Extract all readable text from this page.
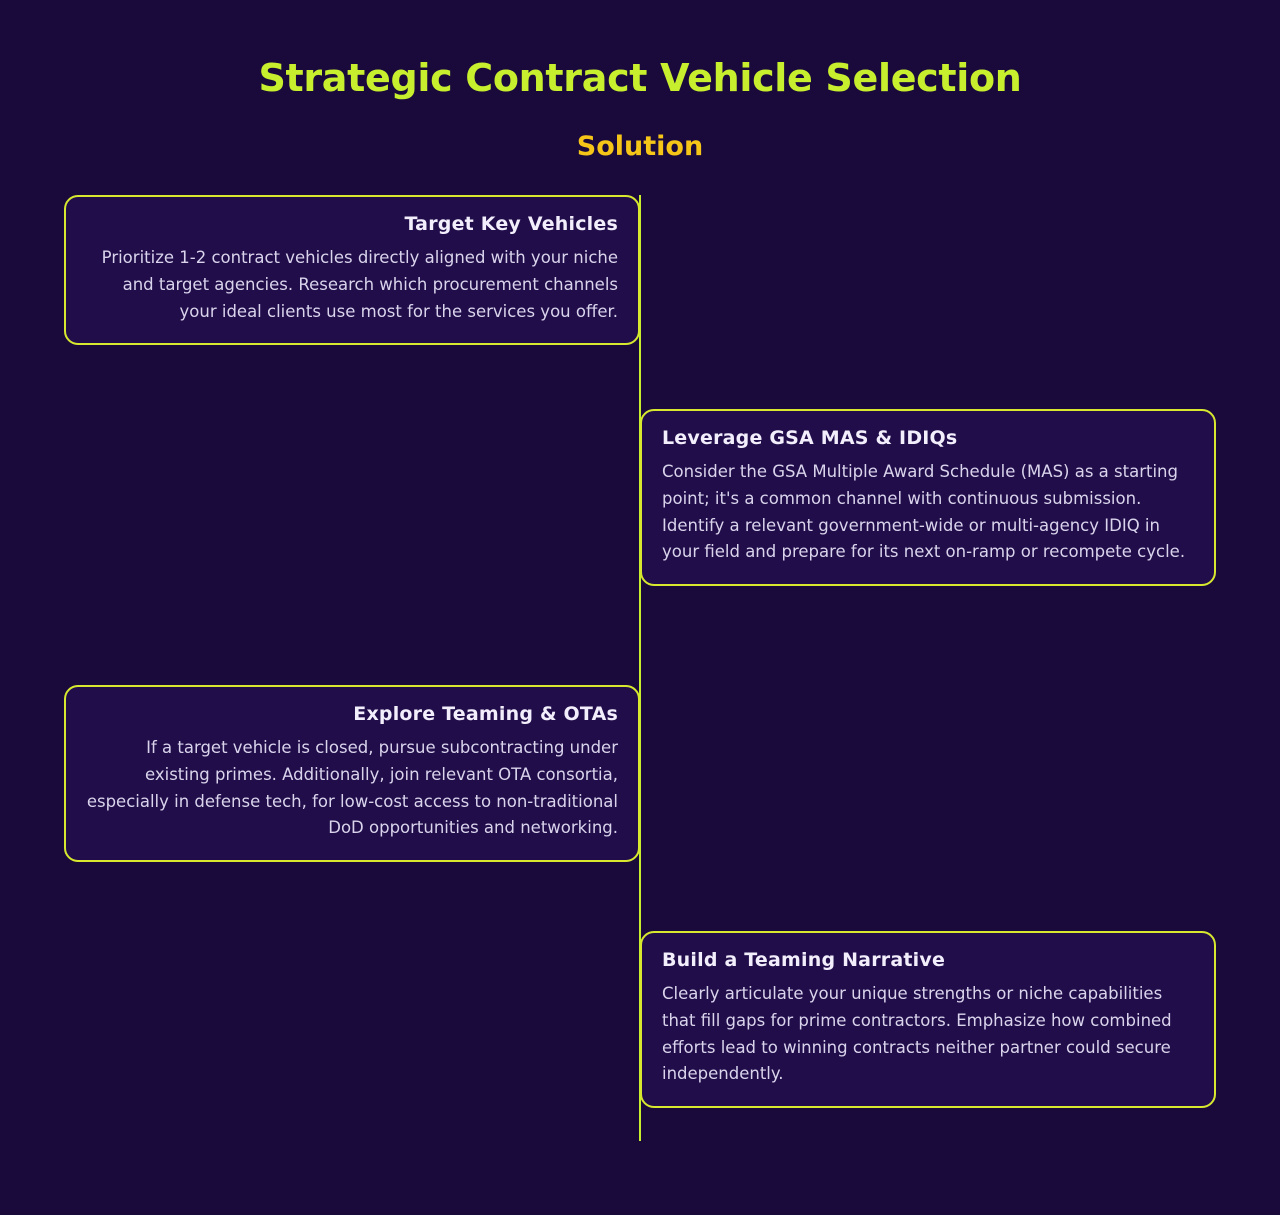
Strategic Contract Vehicle Selection
Solution

Target Key Vehicles

Prioritize 1-2 contract vehicles directly aligned with your niche and target agencies. Research which procurement channels your ideal clients use most for the services you offer.

Leverage GSA MAS & IDIQs

Consider the GSA Multiple Award Schedule (MAS) as a starting point; it's a common channel with continuous submission. Identify a relevant government-wide or multi-agency IDIQ in your field and prepare for its next on-ramp or recompete cycle.

Explore Teaming & OTAs

If a target vehicle is closed, pursue subcontracting under existing primes. Additionally, join relevant OTA consortia, especially in defense tech, for low-cost access to non-traditional DoD opportunities and networking.

Build a Teaming Narrative

Clearly articulate your unique strengths or niche capabilities that fill gaps for prime contractors. Emphasize how combined efforts lead to winning contracts neither partner could secure independently.
